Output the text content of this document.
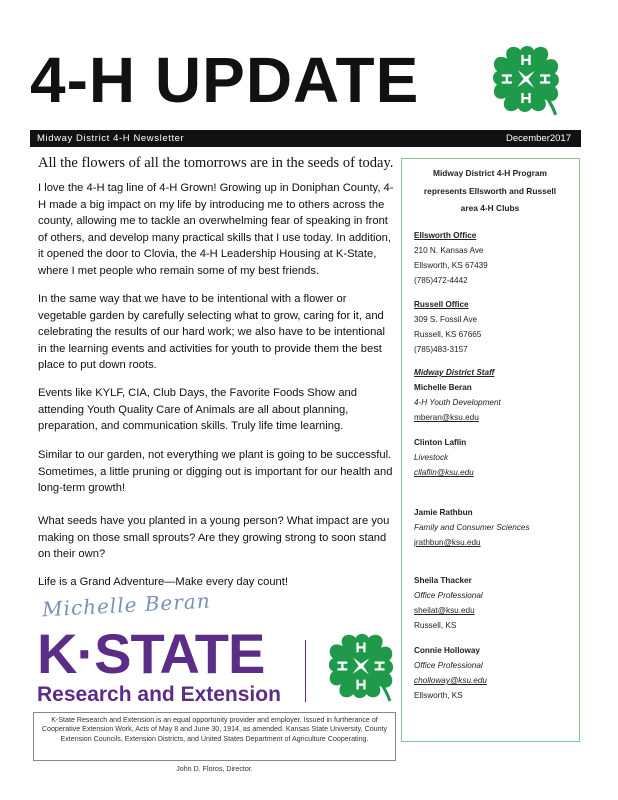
4-H UPDATE
Midway District 4-H Newsletter	December2017
All the flowers of all the tomorrows are in the seeds of today.

I love the 4-H tag line of 4-H Grown! Growing up in Doniphan County, 4-H made a big impact on my life by introducing me to others across the county, allowing me to tackle an overwhelming fear of speaking in front of others, and develop many practical skills that I use today. In addition, it opened the door to Clovia, the 4-H Leadership Housing at K-State, where I met people who remain some of my best friends.

In the same way that we have to be intentional with a flower or vegetable garden by carefully selecting what to grow, caring for it, and celebrating the results of our hard work; we also have to be intentional in the learning events and activities for youth to provide them the best place to put down roots.

Events like KYLF, CIA, Club Days, the Favorite Foods Show and attending Youth Quality Care of Animals are all about planning, preparation, and communication skills. Truly life time learning.

Similar to our garden, not everything we plant is going to be successful. Sometimes, a little pruning or digging out is important for our health and long-term growth!

What seeds have you planted in a young person? What impact are you making on those small sprouts? Are they growing strong to soon stand on their own?

Life is a Grand Adventure—Make every day count!

Michelle Beran
K·STATE
Research and Extension
K-State Research and Extension is an equal opportunity provider and employer. Issued in furtherance of Cooperative Extension Work, Acts of May 8 and June 30, 1914, as amended. Kansas State University, County Extension Councils, Extension Districts, and United States Department of Agriculture Cooperating.
John D. Floros, Director.
Midway District 4-H Program
represents Ellsworth and Russell
area 4-H Clubs
Ellsworth Office
210 N. Kansas Ave
Ellsworth, KS 67439
(785)472-4442
Russell Office
309 S. Fossil Ave
Russell, KS 67665
(785)483-3157
Midway District Staff
Michelle Beran
4-H Youth Development
mberan@ksu.edu
Clinton Laflin
Livestock
cllaflin@ksu.edu
Jamie Rathbun
Family and Consumer Sciences
jrathbun@ksu.edu
Sheila Thacker
Office Professional
sheilat@ksu.edu
Russell, KS
Connie Holloway
Office Professional
cholloway@ksu.edu
Ellsworth, KS
